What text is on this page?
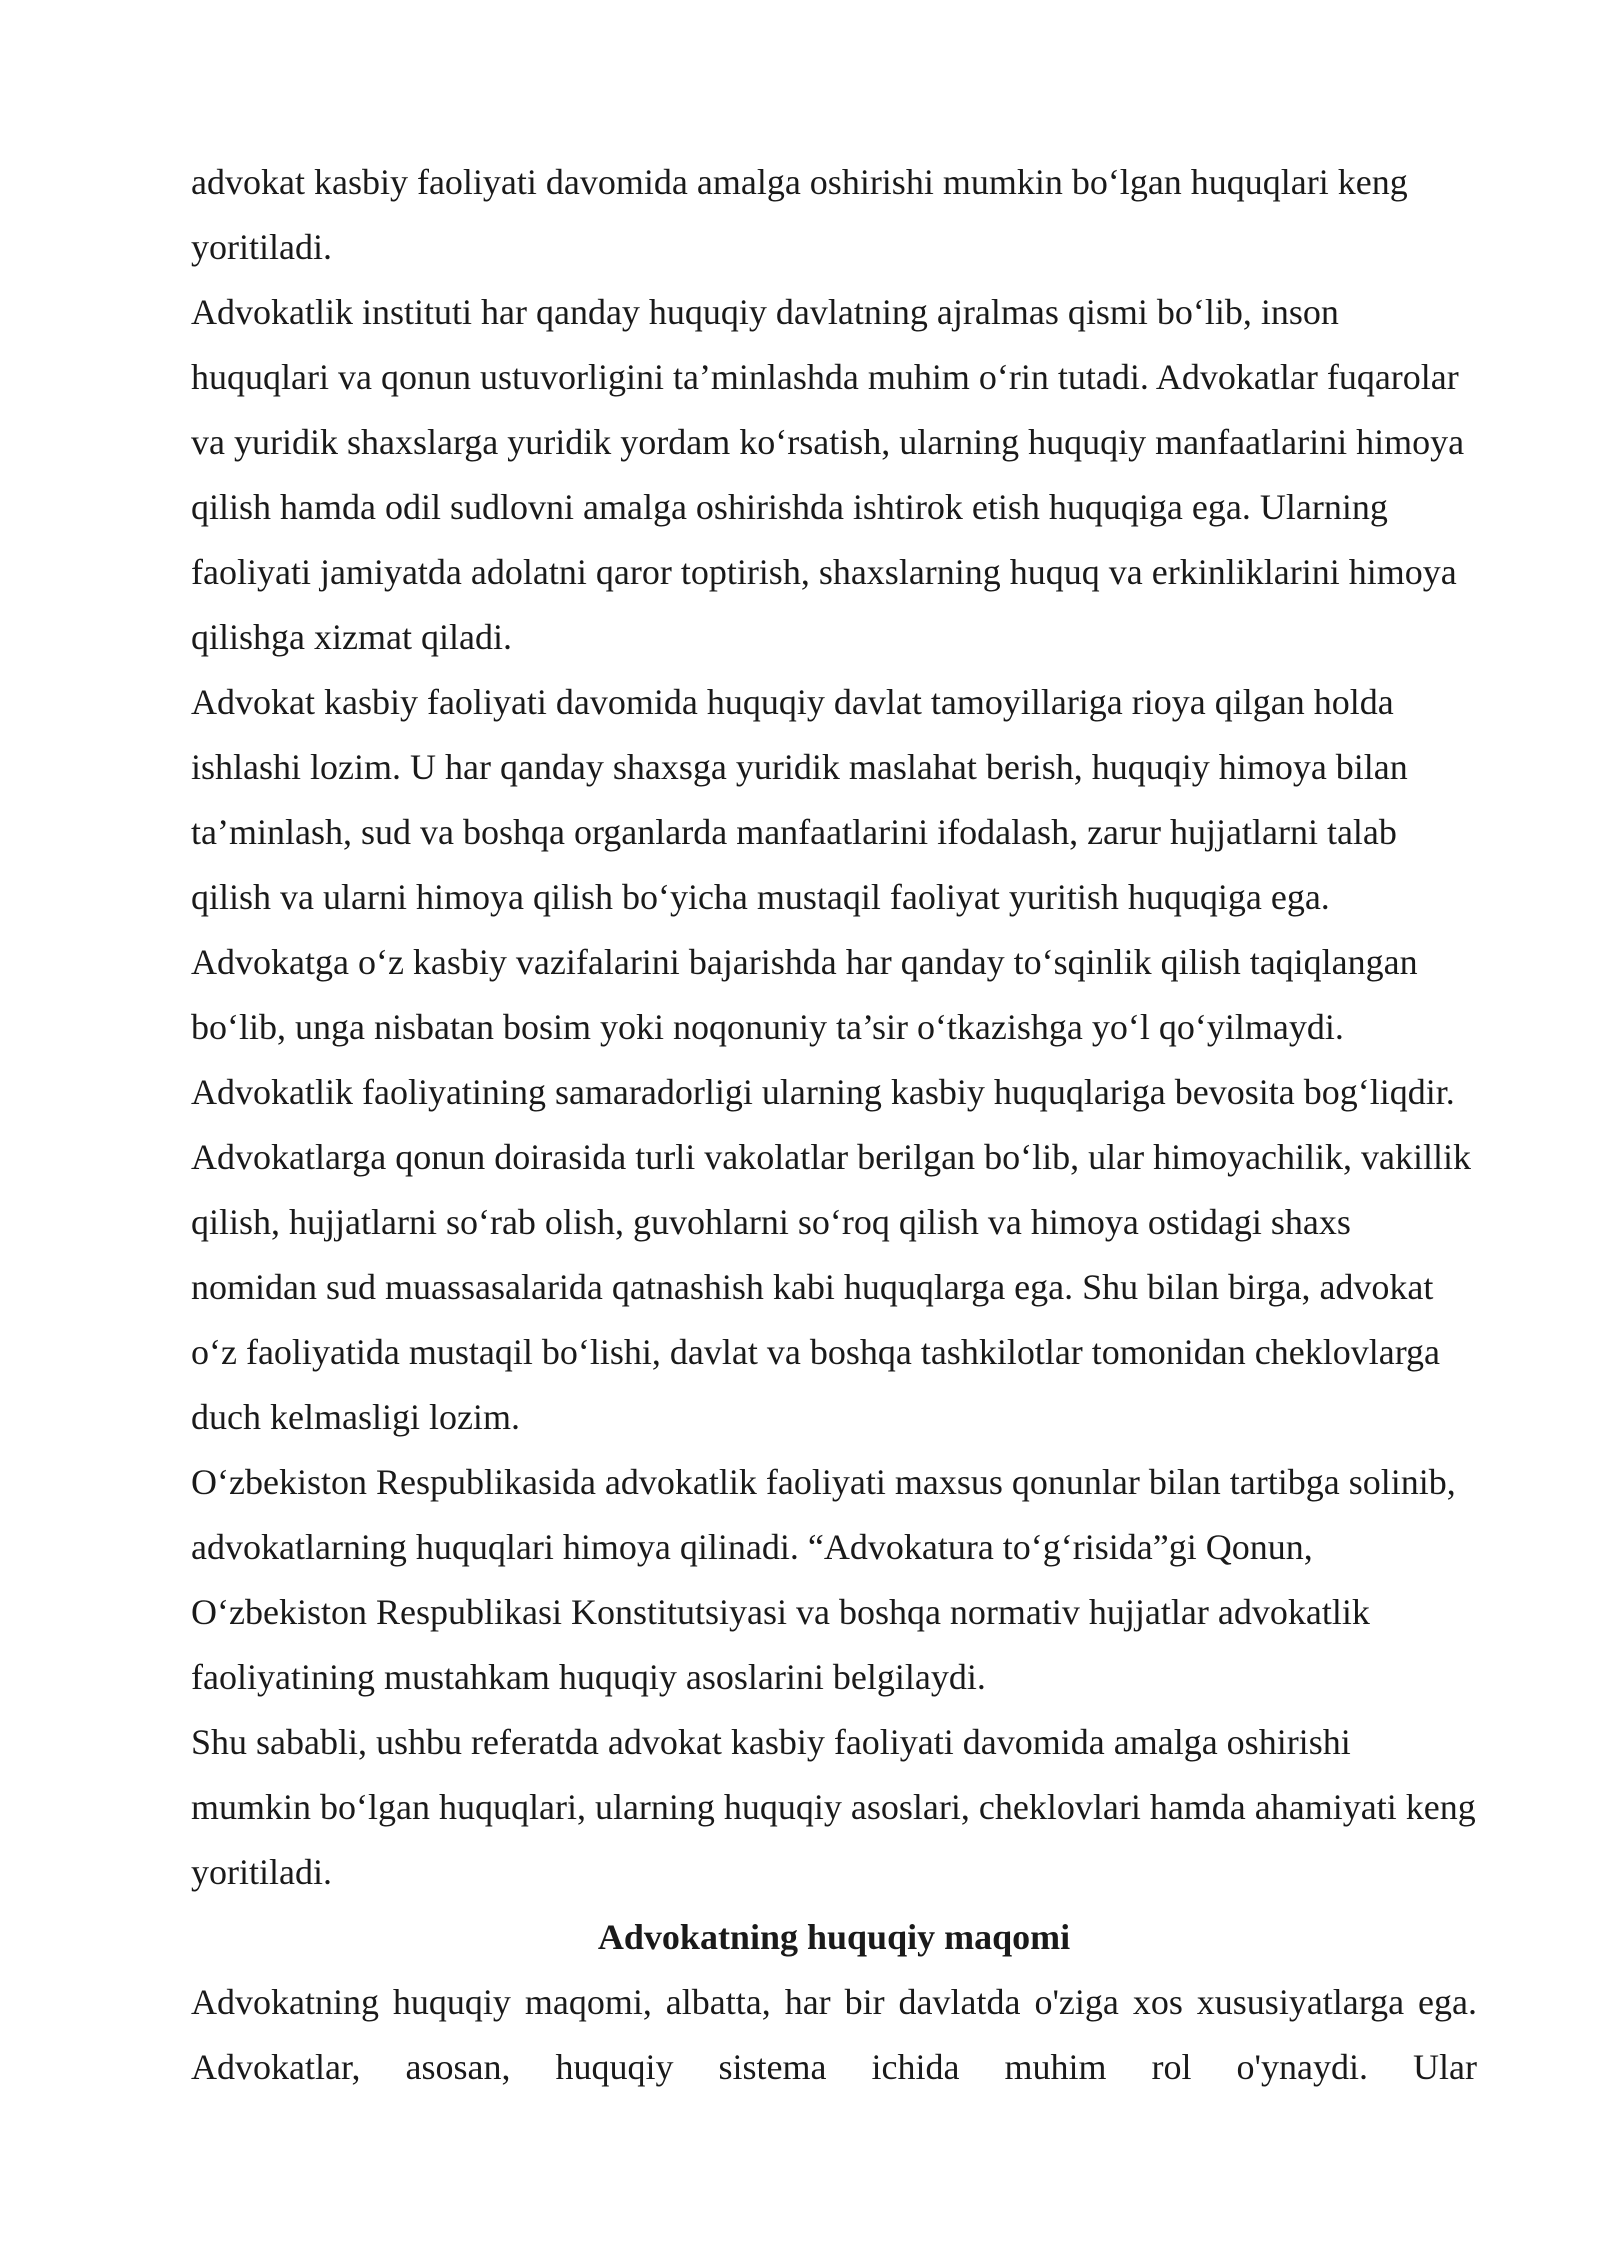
advokat kasbiy faoliyati davomida amalga oshirishi mumkin bo‘lgan huquqlari keng yoritiladi.

Advokatlik instituti har qanday huquqiy davlatning ajralmas qismi bo‘lib, inson huquqlari va qonun ustuvorligini ta’minlashda muhim o‘rin tutadi. Advokatlar fuqarolar va yuridik shaxslarga yuridik yordam ko‘rsatish, ularning huquqiy manfaatlarini himoya qilish hamda odil sudlovni amalga oshirishda ishtirok etish huquqiga ega. Ularning faoliyati jamiyatda adolatni qaror toptirish, shaxslarning huquq va erkinliklarini himoya qilishga xizmat qiladi.

Advokat kasbiy faoliyati davomida huquqiy davlat tamoyillariga rioya qilgan holda ishlashi lozim. U har qanday shaxsga yuridik maslahat berish, huquqiy himoya bilan ta’minlash, sud va boshqa organlarda manfaatlarini ifodalash, zarur hujjatlarni talab qilish va ularni himoya qilish bo‘yicha mustaqil faoliyat yuritish huquqiga ega. Advokatga o‘z kasbiy vazifalarini bajarishda har qanday to‘sqinlik qilish taqiqlangan bo‘lib, unga nisbatan bosim yoki noqonuniy ta’sir o‘tkazishga yo‘l qo‘yilmaydi.

Advokatlik faoliyatining samaradorligi ularning kasbiy huquqlariga bevosita bog‘liqdir. Advokatlarga qonun doirasida turli vakolatlar berilgan bo‘lib, ular himoyachilik, vakillik qilish, hujjatlarni so‘rab olish, guvohlarni so‘roq qilish va himoya ostidagi shaxs nomidan sud muassasalarida qatnashish kabi huquqlarga ega. Shu bilan birga, advokat o‘z faoliyatida mustaqil bo‘lishi, davlat va boshqa tashkilotlar tomonidan cheklovlarga duch kelmasligi lozim.

O‘zbekiston Respublikasida advokatlik faoliyati maxsus qonunlar bilan tartibga solinib, advokatlarning huquqlari himoya qilinadi. “Advokatura to‘g‘risida”gi Qonun, O‘zbekiston Respublikasi Konstitutsiyasi va boshqa normativ hujjatlar advokatlik faoliyatining mustahkam huquqiy asoslarini belgilaydi.

Shu sababli, ushbu referatda advokat kasbiy faoliyati davomida amalga oshirishi mumkin bo‘lgan huquqlari, ularning huquqiy asoslari, cheklovlari hamda ahamiyati keng yoritiladi.

Advokatning huquqiy maqomi

Advokatning huquqiy maqomi, albatta, har bir davlatda o'ziga xos xususiyatlarga ega. Advokatlar, asosan, huquqiy sistema ichida muhim rol o'ynaydi. Ular
